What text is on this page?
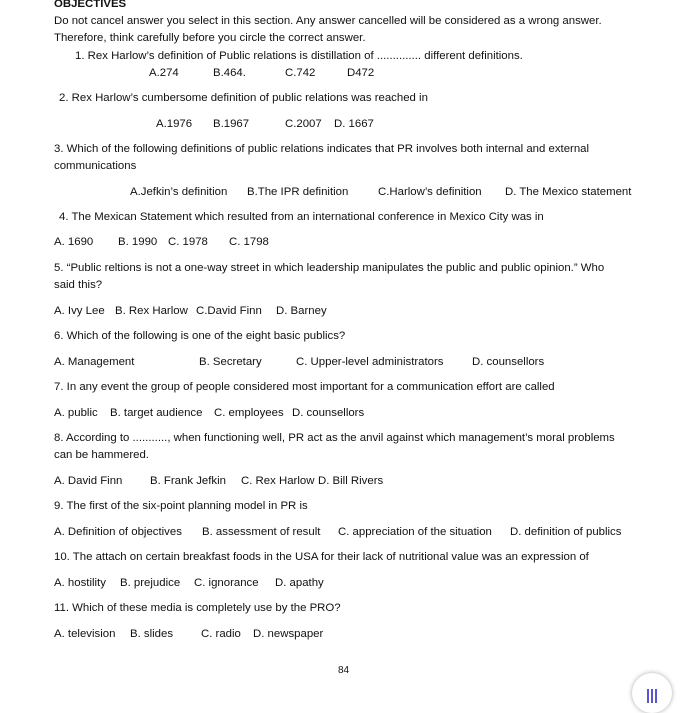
OBJECTIVES
Do not cancel answer you select in this section. Any answer cancelled will be considered as a wrong answer.
Therefore, think carefully before you circle the correct answer.
1. Rex Harlow’s definition of Public relations is distillation of .............. different definitions.
A.274	B.464.	C.742	D472
2. Rex Harlow’s cumbersome definition of public relations was reached in
A.1976 B.1967	C.2007 D. 1667
3. Which of the following definitions of public relations indicates that PR involves both internal and external
communications
A.Jefkin’s definition B.The IPR definition	C.Harlow’s definition D. The Mexico statement
4. The Mexican Statement which resulted from an international conference in Mexico City was in
A. 1690 B. 1990 C. 1978 C. 1798
5. “Public reltions is not a one-way street in which leadership manipulates the public and public opinion.” Who
said this?
A. Ivy Lee B. Rex Harlow C.David Finn D. Barney
6. Which of the following is one of the eight basic publics?
A. Management	B. Secretary	C. Upper-level administrators	D. counsellors
7. In any event the group of people considered most important for a communication effort are called
A. public B. target audience C. employees D. counsellors
8. According to ..........., when functioning well, PR act as the anvil against which management’s moral problems
can be hammered.
A. David Finn B. Frank Jefkin C. Rex Harlow D. Bill Rivers
9. The first of the six-point planning model in PR is
A. Definition of objectives B. assessment of result C. appreciation of the situation D. definition of publics
10. The attach on certain breakfast foods in the USA for their lack of nutritional value was an expression of
A. hostility B. prejudice C. ignorance D. apathy
11. Which of these media is completely use by the PRO?
A. television B. slides C. radio D. newspaper
84
